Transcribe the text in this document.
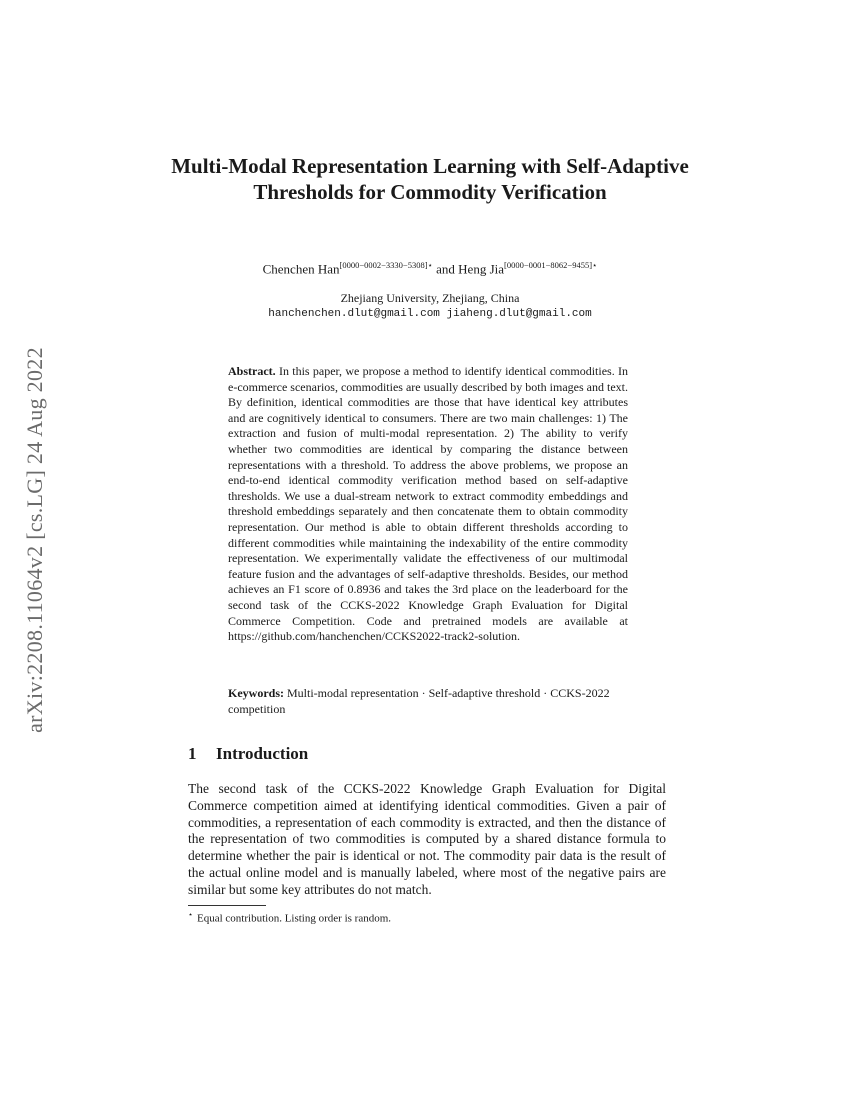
arXiv:2208.11064v2 [cs.LG] 24 Aug 2022
Multi-Modal Representation Learning with Self-Adaptive Thresholds for Commodity Verification
Chenchen Han$^{[0000-0002-3330-5308]⋆}$ and Heng Jia$^{[0000-0001-8062-9455]⋆}$
Zhejiang University, Zhejiang, China
hanchenchen.dlut@gmail.com jiaheng.dlut@gmail.com
Abstract. In this paper, we propose a method to identify identical commodities. In e-commerce scenarios, commodities are usually described by both images and text. By definition, identical commodities are those that have identical key attributes and are cognitively identical to consumers. There are two main challenges: 1) The extraction and fusion of multi-modal representation. 2) The ability to verify whether two commodities are identical by comparing the distance between representations with a threshold. To address the above problems, we propose an end-to-end identical commodity verification method based on self-adaptive thresholds. We use a dual-stream network to extract commodity embeddings and threshold embeddings separately and then concatenate them to obtain commodity representation. Our method is able to obtain different thresholds according to different commodities while maintaining the indexability of the entire commodity representation. We experimentally validate the effectiveness of our multimodal feature fusion and the advantages of self-adaptive thresholds. Besides, our method achieves an F1 score of 0.8936 and takes the 3rd place on the leaderboard for the second task of the CCKS-2022 Knowledge Graph Evaluation for Digital Commerce Competition. Code and pretrained models are available at https://github.com/hanchenchen/CCKS2022-track2-solution.
Keywords: Multi-modal representation · Self-adaptive threshold · CCKS-2022 competition
1 Introduction
The second task of the CCKS-2022 Knowledge Graph Evaluation for Digital Commerce competition aimed at identifying identical commodities. Given a pair of commodities, a representation of each commodity is extracted, and then the distance of the representation of two commodities is computed by a shared distance formula to determine whether the pair is identical or not. The commodity pair data is the result of the actual online model and is manually labeled, where most of the negative pairs are similar but some key attributes do not match.
⋆ Equal contribution. Listing order is random.
